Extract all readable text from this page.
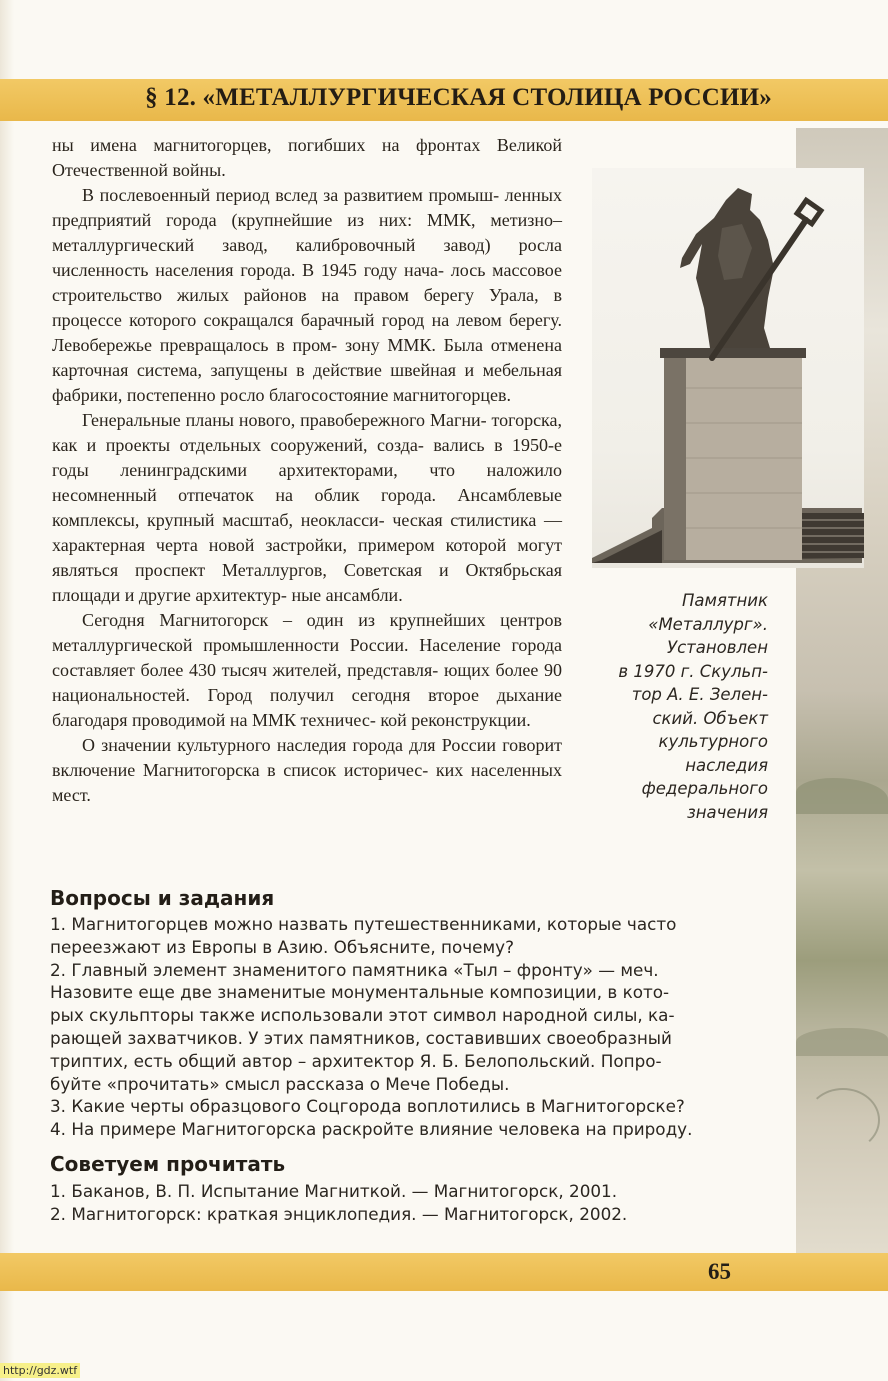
§ 12. «МЕТАЛЛУРГИЧЕСКАЯ СТОЛИЦА РОССИИ»

ны имена магнитогорцев, погибших на фронтах Великой Отечественной войны.

В послевоенный период вслед за развитием промыш- ленных предприятий города (крупнейшие из них: ММК, метизно–металлургический завод, калибровочный завод) росла численность населения города. В 1945 году нача- лось массовое строительство жилых районов на правом берегу Урала, в процессе которого сокращался барачный город на левом берегу. Левобережье превращалось в пром- зону ММК. Была отменена карточная система, запущены в действие швейная и мебельная фабрики, постепенно росло благосостояние магнитогорцев.

Генеральные планы нового, правобережного Магни- тогорска, как и проекты отдельных сооружений, созда- вались в 1950-е годы ленинградскими архитекторами, что наложило несомненный отпечаток на облик города. Ансамблевые комплексы, крупный масштаб, неокласси- ческая стилистика — характерная черта новой застройки, примером которой могут являться проспект Металлургов, Советская и Октябрьская площади и другие архитектур- ные ансамбли.

Сегодня Магнитогорск – один из крупнейших центров металлургической промышленности России. Население города составляет более 430 тысяч жителей, представля- ющих более 90 национальностей. Город получил сегодня второе дыхание благодаря проводимой на ММК техничес- кой реконструкции.

О значении культурного наследия города для России говорит включение Магнитогорска в список историчес- ких населенных мест.

Памятник
«Металлург».
Установлен
в 1970 г. Скульп-
тор А. Е. Зелен-
ский. Объект
культурного
наследия
федерального
значения
Вопросы и задания
1. Магнитогорцев можно назвать путешественниками, которые часто
переезжают из Европы в Азию. Объясните, почему?
2. Главный элемент знаменитого памятника «Тыл – фронту» — меч.
Назовите еще две знаменитые монументальные композиции, в кото-
рых скульпторы также использовали этот символ народной силы, ка-
рающей захватчиков. У этих памятников, составивших своеобразный
триптих, есть общий автор – архитектор Я. Б. Белопольский. Попро-
буйте «прочитать» смысл рассказа о Мече Победы.
3. Какие черты образцового Соцгорода воплотились в Магнитогорске?
4. На примере Магнитогорска раскройте влияние человека на природу.
Советуем прочитать
1. Баканов, В. П. Испытание Магниткой. — Магнитогорск, 2001.
2. Магнитогорск: краткая энциклопедия. — Магнитогорск, 2002.
65
http://gdz.wtf
